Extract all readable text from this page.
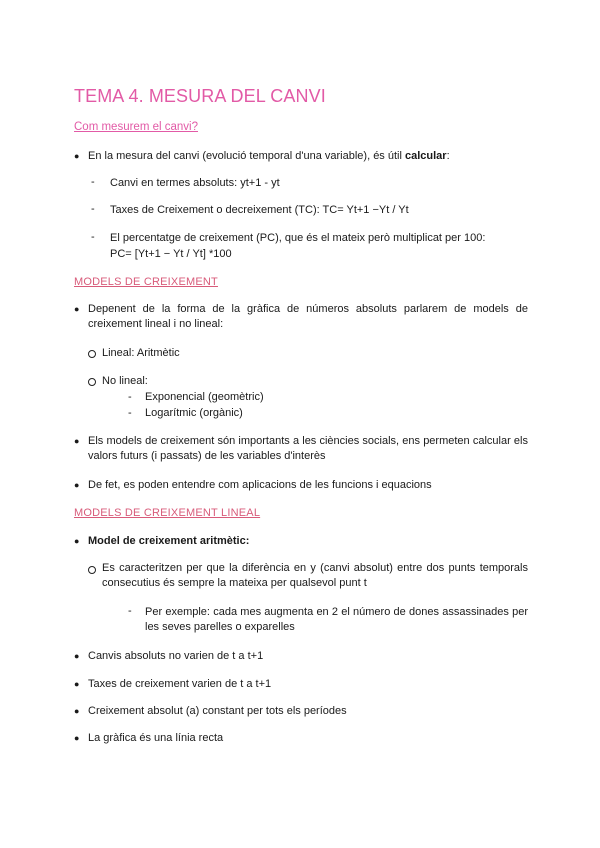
TEMA 4. MESURA DEL CANVI
Com mesurem el canvi?
● En la mesura del canvi (evolució temporal d'una variable), és útil calcular:
- Canvi en termes absoluts: yt+1 - yt
- Taxes de Creixement o decreixement (TC): TC= Yt+1 −Yt / Yt
- El percentatge de creixement (PC), que és el mateix però multiplicat per 100:
PC= [Yt+1 − Yt / Yt] *100
MODELS DE CREIXEMENT
● Depenent de la forma de la gràfica de números absoluts parlarem de models de creixement lineal i no lineal:
Lineal: Aritmètic
No lineal:
- Exponencial (geomètric)
- Logarítmic (orgànic)
● Els models de creixement són importants a les ciències socials, ens permeten calcular els valors futurs (i passats) de les variables d'interès
● De fet, es poden entendre com aplicacions de les funcions i equacions
MODELS DE CREIXEMENT LINEAL
● Model de creixement aritmètic:
Es caracteritzen per que la diferència en y (canvi absolut) entre dos punts temporals consecutius és sempre la mateixa per qualsevol punt t
- Per exemple: cada mes augmenta en 2 el número de dones assassinades per les seves parelles o exparelles
● Canvis absoluts no varien de t a t+1
● Taxes de creixement varien de t a t+1
● Creixement absolut (a) constant per tots els períodes
● La gràfica és una línia recta
